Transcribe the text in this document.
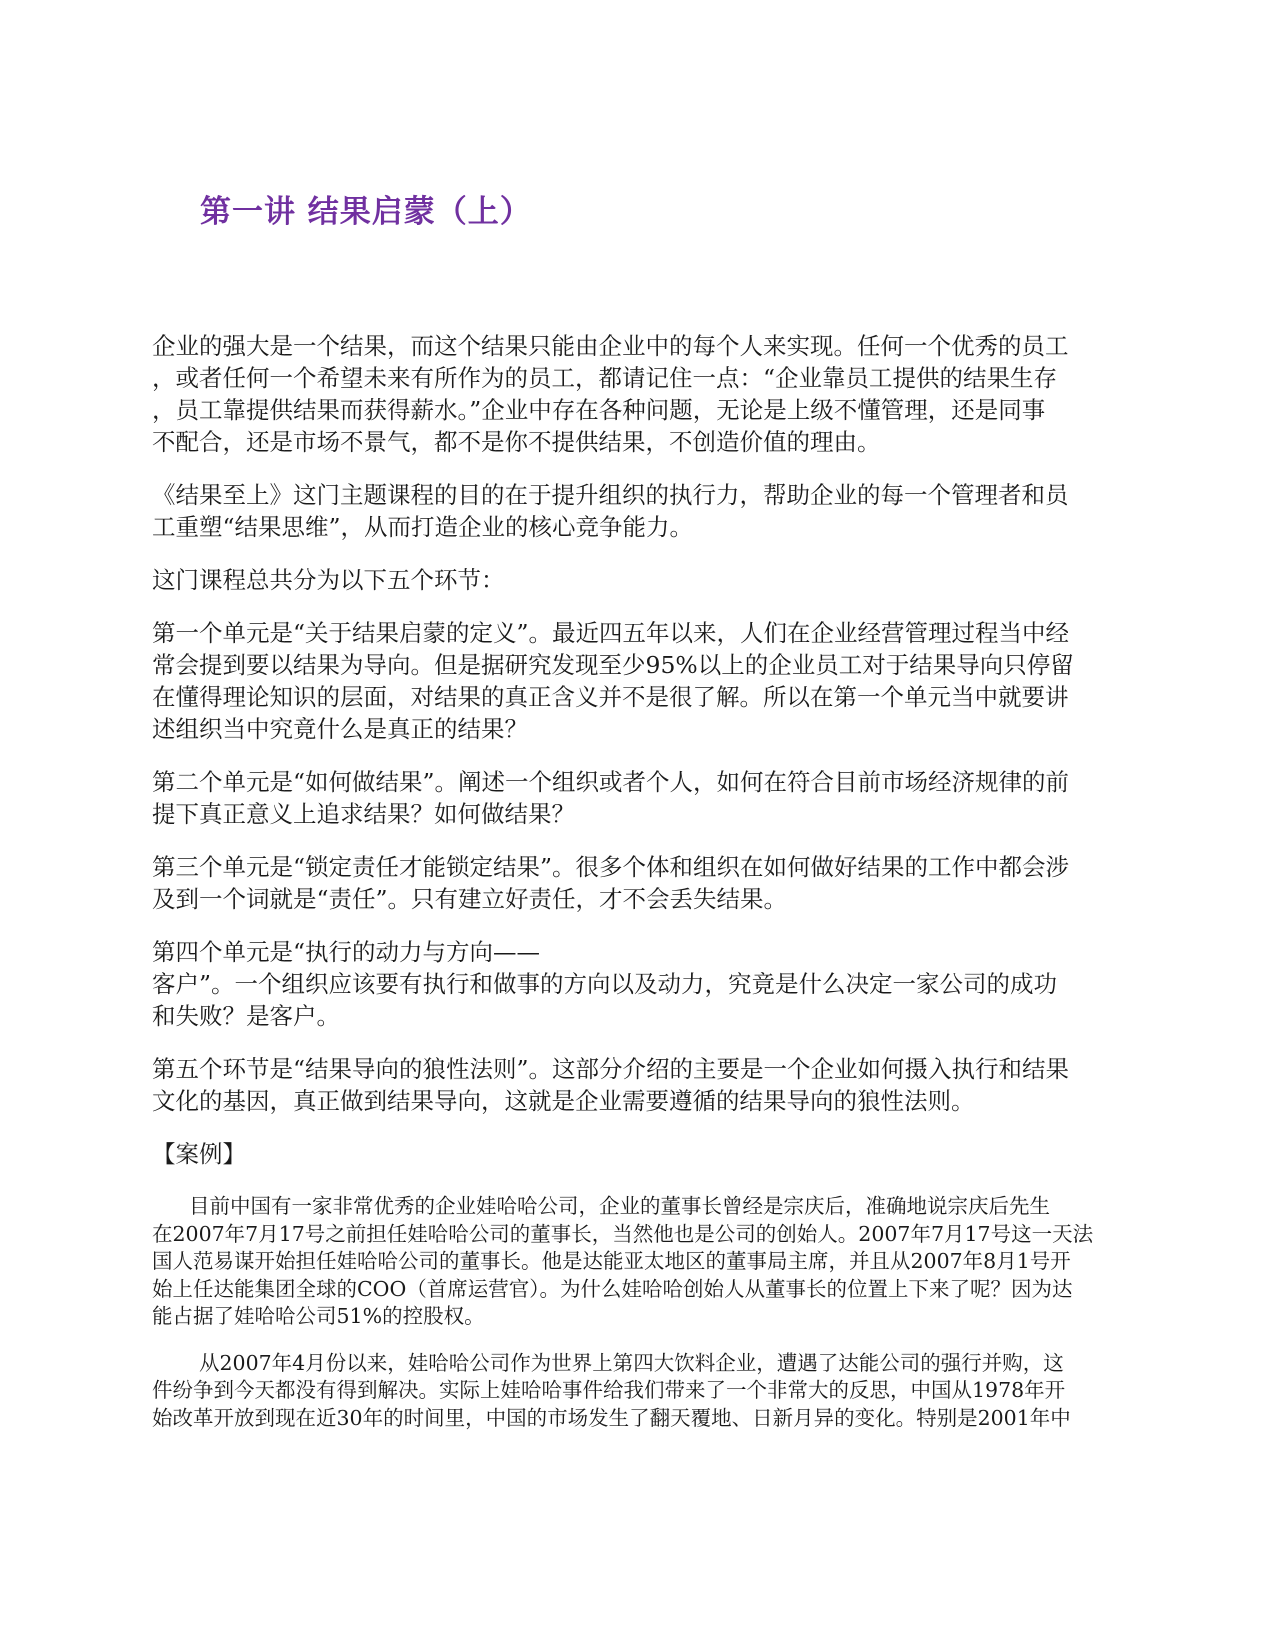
第一讲 结果启蒙（上）
企业的强大是一个结果，而这个结果只能由企业中的每个人来实现。任何一个优秀的员工
，或者任何一个希望未来有所作为的员工，都请记住一点：“企业靠员工提供的结果生存
，员工靠提供结果而获得薪水。”企业中存在各种问题，无论是上级不懂管理，还是同事
不配合，还是市场不景气，都不是你不提供结果，不创造价值的理由。
《结果至上》这门主题课程的目的在于提升组织的执行力，帮助企业的每一个管理者和员
工重塑“结果思维”，从而打造企业的核心竞争能力。
这门课程总共分为以下五个环节：
第一个单元是“关于结果启蒙的定义”。最近四五年以来，人们在企业经营管理过程当中经
常会提到要以结果为导向。但是据研究发现至少95%以上的企业员工对于结果导向只停留
在懂得理论知识的层面，对结果的真正含义并不是很了解。所以在第一个单元当中就要讲
述组织当中究竟什么是真正的结果？
第二个单元是“如何做结果”。阐述一个组织或者个人，如何在符合目前市场经济规律的前
提下真正意义上追求结果？如何做结果？
第三个单元是“锁定责任才能锁定结果”。很多个体和组织在如何做好结果的工作中都会涉
及到一个词就是“责任”。只有建立好责任，才不会丢失结果。
第四个单元是“执行的动力与方向——
客户”。一个组织应该要有执行和做事的方向以及动力，究竟是什么决定一家公司的成功
和失败？是客户。
第五个环节是“结果导向的狼性法则”。这部分介绍的主要是一个企业如何摄入执行和结果
文化的基因，真正做到结果导向，这就是企业需要遵循的结果导向的狼性法则。
【案例】
目前中国有一家非常优秀的企业娃哈哈公司，企业的董事长曾经是宗庆后，准确地说宗庆后先生
在2007年7月17号之前担任娃哈哈公司的董事长，当然他也是公司的创始人。2007年7月17号这一天法
国人范易谋开始担任娃哈哈公司的董事长。他是达能亚太地区的董事局主席，并且从2007年8月1号开
始上任达能集团全球的COO（首席运营官）。为什么娃哈哈创始人从董事长的位置上下来了呢？因为达
能占据了娃哈哈公司51%的控股权。
从2007年4月份以来，娃哈哈公司作为世界上第四大饮料企业，遭遇了达能公司的强行并购，这
件纷争到今天都没有得到解决。实际上娃哈哈事件给我们带来了一个非常大的反思，中国从1978年开
始改革开放到现在近30年的时间里，中国的市场发生了翻天覆地、日新月异的变化。特别是2001年中
